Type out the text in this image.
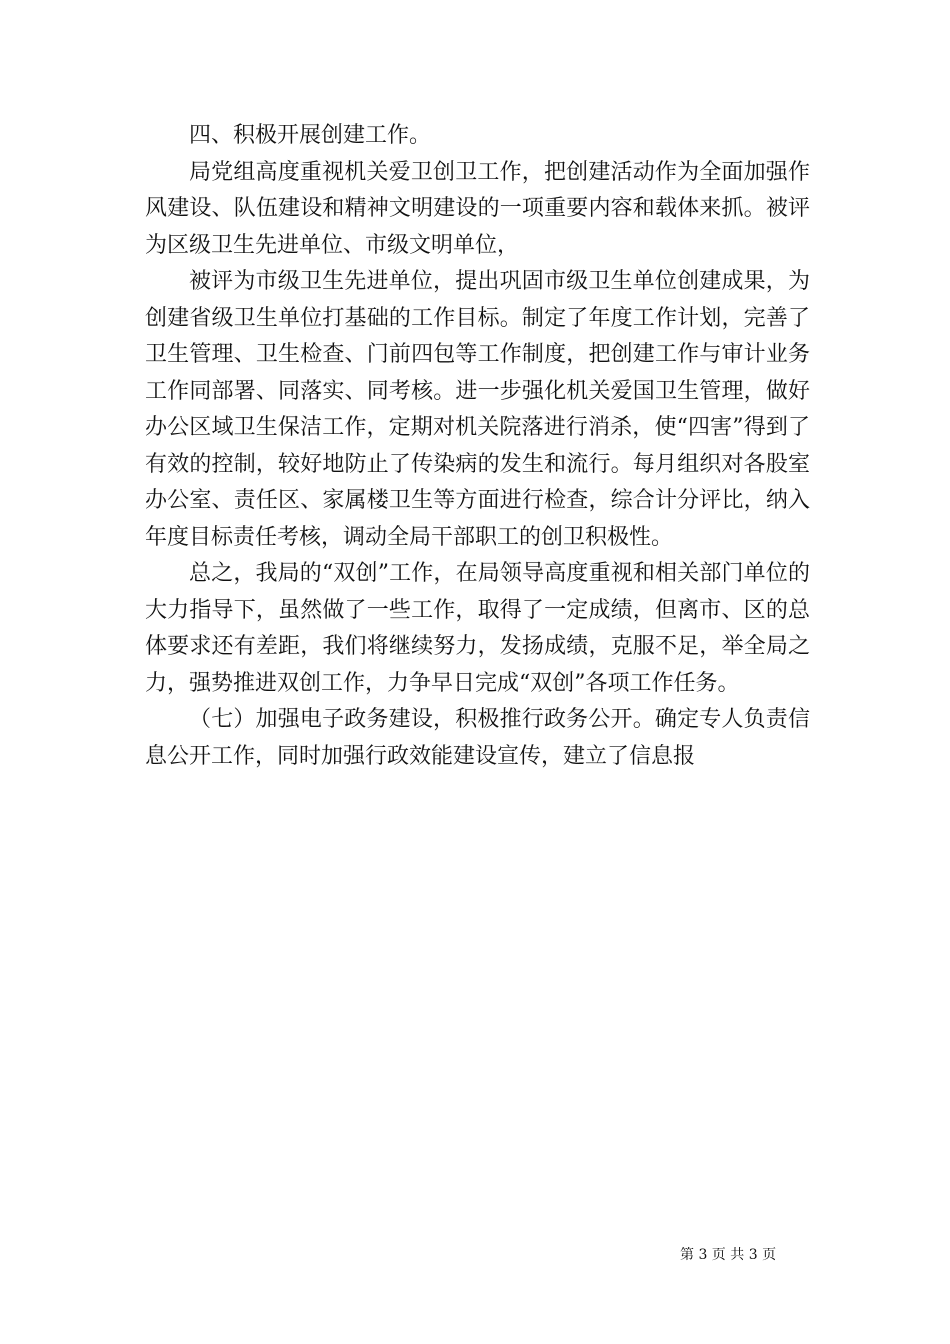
四、积极开展创建工作。

局党组高度重视机关爱卫创卫工作，把创建活动作为全面加强作风建设、队伍建设和精神文明建设的一项重要内容和载体来抓。被评为区级卫生先进单位、市级文明单位，

被评为市级卫生先进单位，提出巩固市级卫生单位创建成果，为创建省级卫生单位打基础的工作目标。制定了年度工作计划，完善了卫生管理、卫生检查、门前四包等工作制度，把创建工作与审计业务工作同部署、同落实、同考核。进一步强化机关爱国卫生管理，做好办公区域卫生保洁工作，定期对机关院落进行消杀，使“四害”得到了有效的控制，较好地防止了传染病的发生和流行。每月组织对各股室办公室、责任区、家属楼卫生等方面进行检查，综合计分评比，纳入年度目标责任考核，调动全局干部职工的创卫积极性。

总之，我局的“双创”工作，在局领导高度重视和相关部门单位的大力指导下，虽然做了一些工作，取得了一定成绩，但离市、区的总体要求还有差距，我们将继续努力，发扬成绩，克服不足，举全局之力，强势推进双创工作，力争早日完成“双创”各项工作任务。

（七）加强电子政务建设，积极推行政务公开。确定专人负责信息公开工作，同时加强行政效能建设宣传，建立了信息报

第 3 页 共 3 页
